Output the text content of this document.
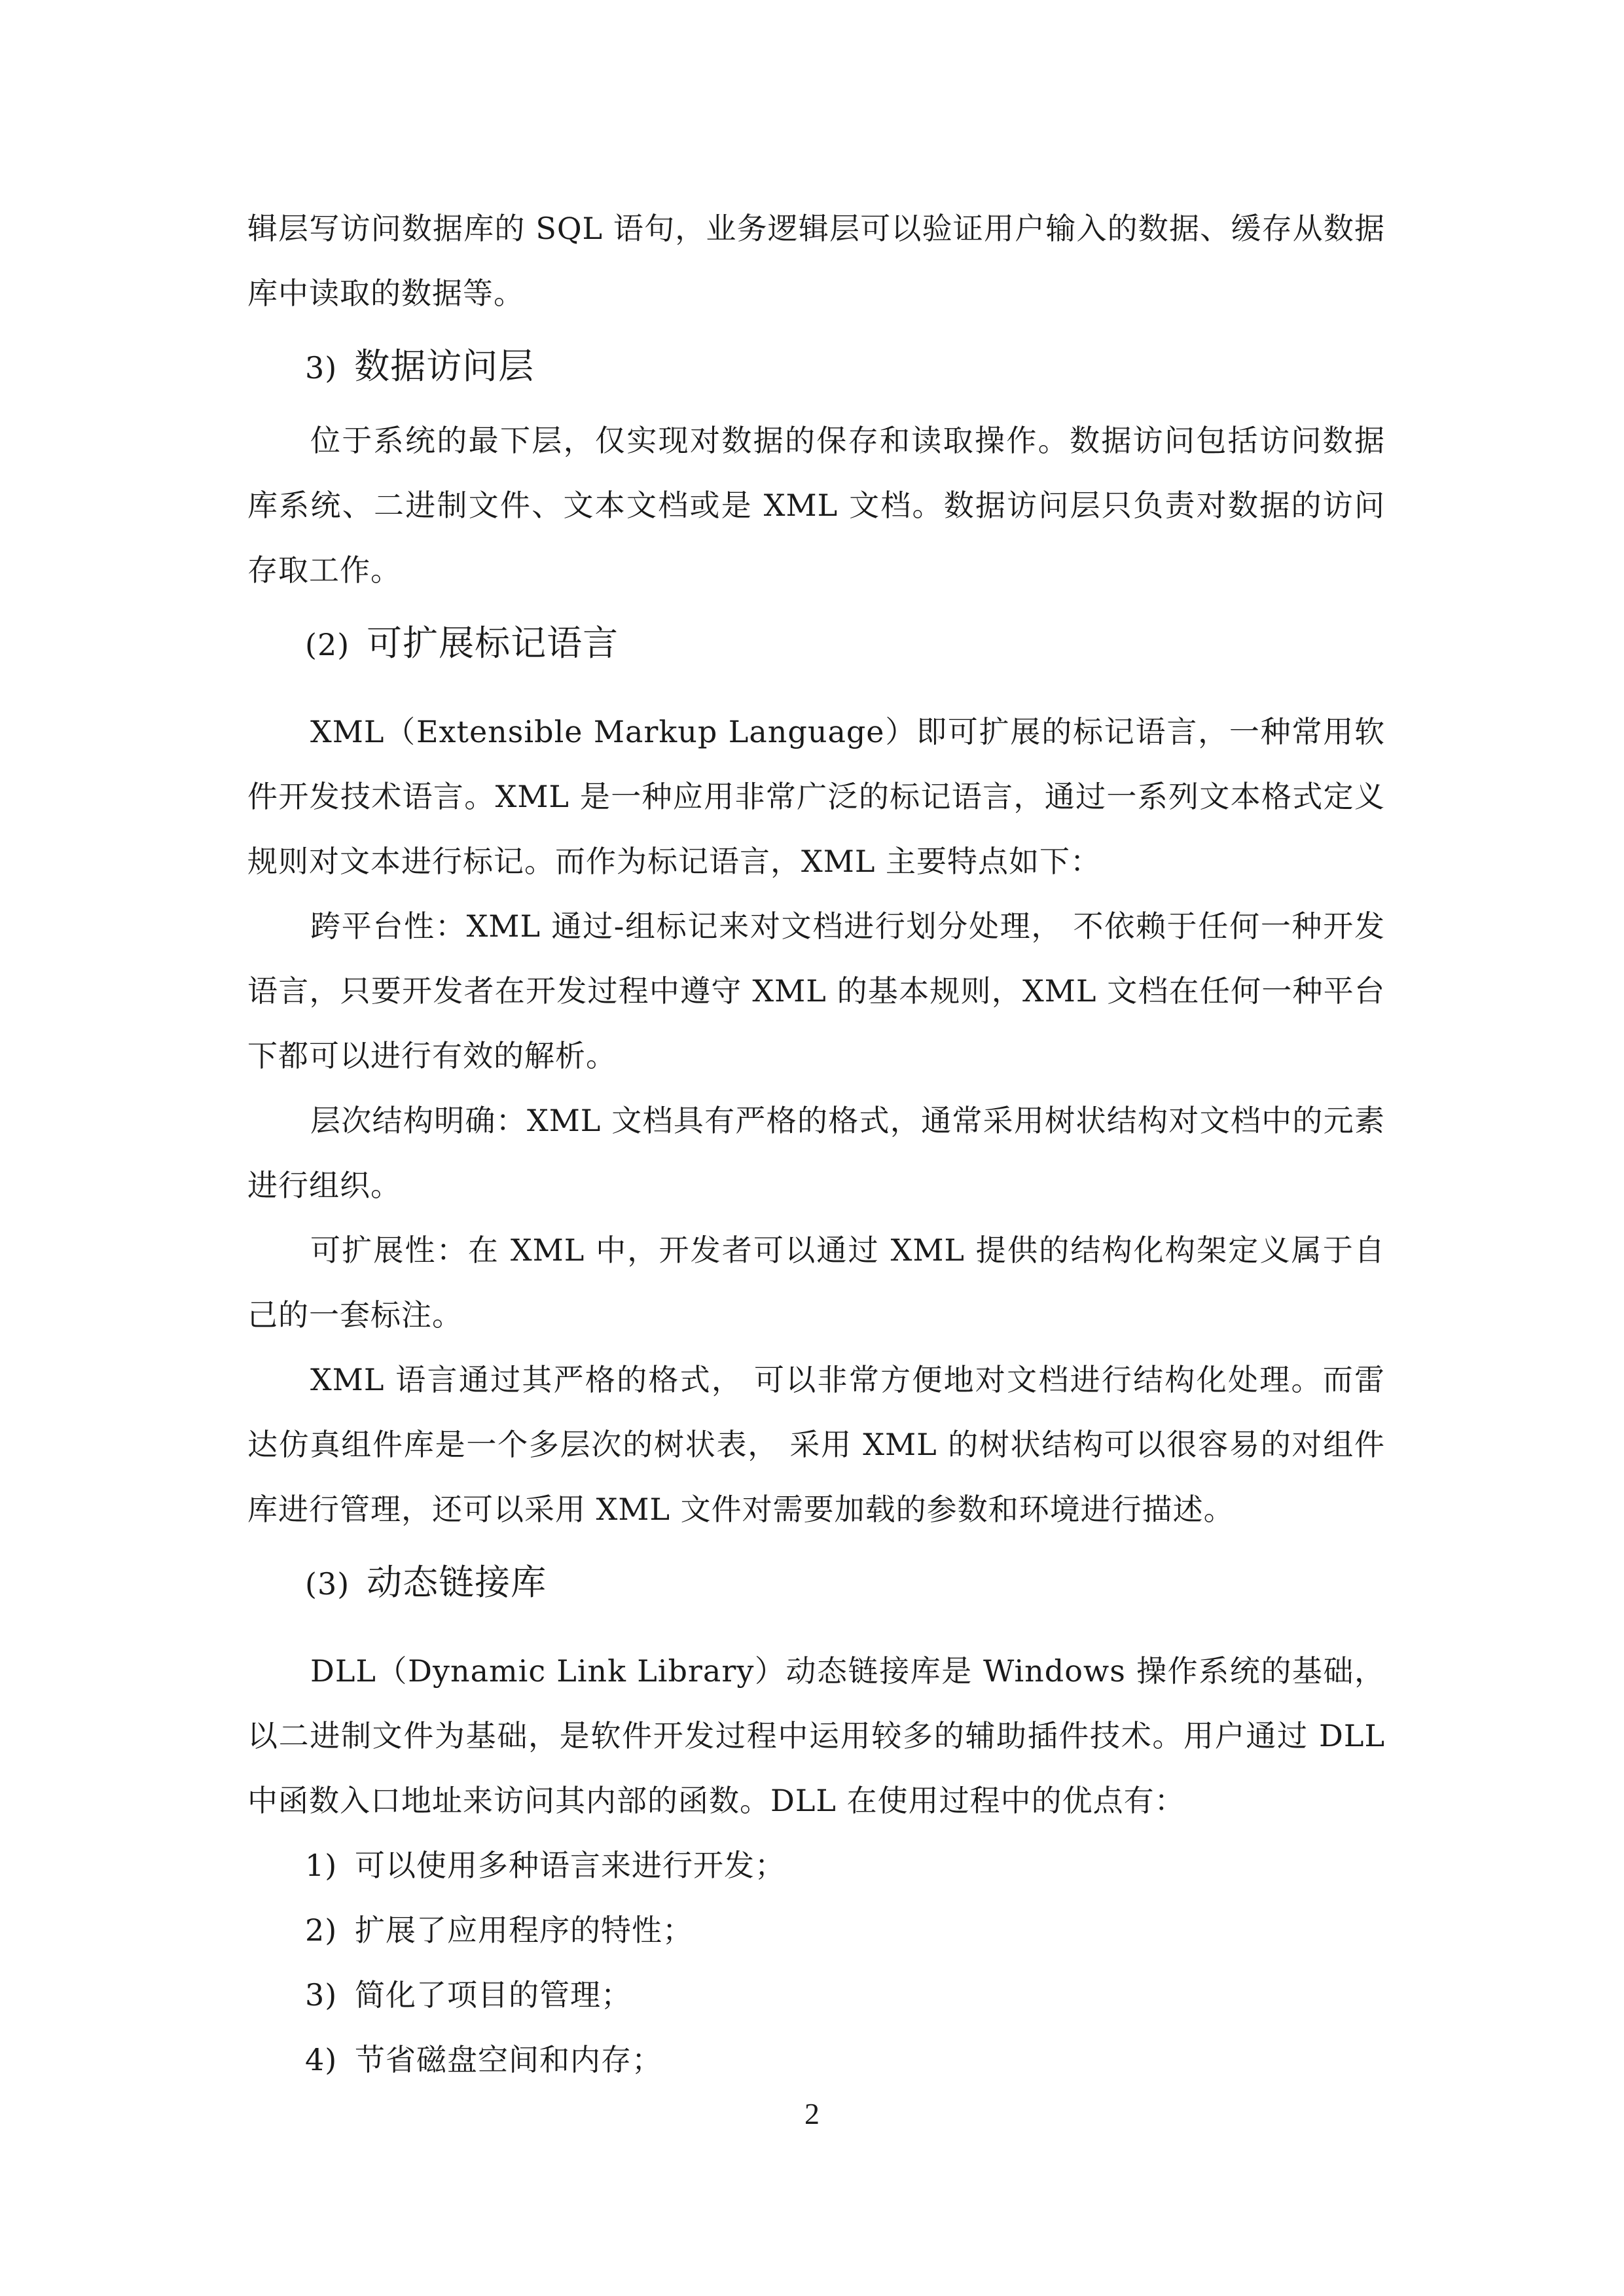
辑层写访问数据库的 SQL 语句，业务逻辑层可以验证用户输入的数据、缓存从数据库中读取的数据等。

3) 数据访问层

位于系统的最下层，仅实现对数据的保存和读取操作。数据访问包括访问数据库系统、二进制文件、文本文档或是 XML 文档。数据访问层只负责对数据的访问存取工作。

(2) 可扩展标记语言

XML（Extensible Markup Language）即可扩展的标记语言，一种常用软件开发技术语言。XML 是一种应用非常广泛的标记语言，通过一系列文本格式定义规则对文本进行标记。而作为标记语言，XML 主要特点如下：

跨平台性：XML 通过-组标记来对文档进行划分处理， 不依赖于任何一种开发语言，只要开发者在开发过程中遵守 XML 的基本规则，XML 文档在任何一种平台下都可以进行有效的解析。

层次结构明确：XML 文档具有严格的格式，通常采用树状结构对文档中的元素进行组织。

可扩展性：在 XML 中，开发者可以通过 XML 提供的结构化构架定义属于自己的一套标注。

XML 语言通过其严格的格式， 可以非常方便地对文档进行结构化处理。而雷达仿真组件库是一个多层次的树状表， 采用 XML 的树状结构可以很容易的对组件库进行管理，还可以采用 XML 文件对需要加载的参数和环境进行描述。

(3) 动态链接库

DLL（Dynamic Link Library）动态链接库是 Windows 操作系统的基础， 以二进制文件为基础，是软件开发过程中运用较多的辅助插件技术。用户通过 DLL 中函数入口地址来访问其内部的函数。DLL 在使用过程中的优点有：

1) 可以使用多种语言来进行开发；

2) 扩展了应用程序的特性；

3) 简化了项目的管理；

4) 节省磁盘空间和内存；

2
